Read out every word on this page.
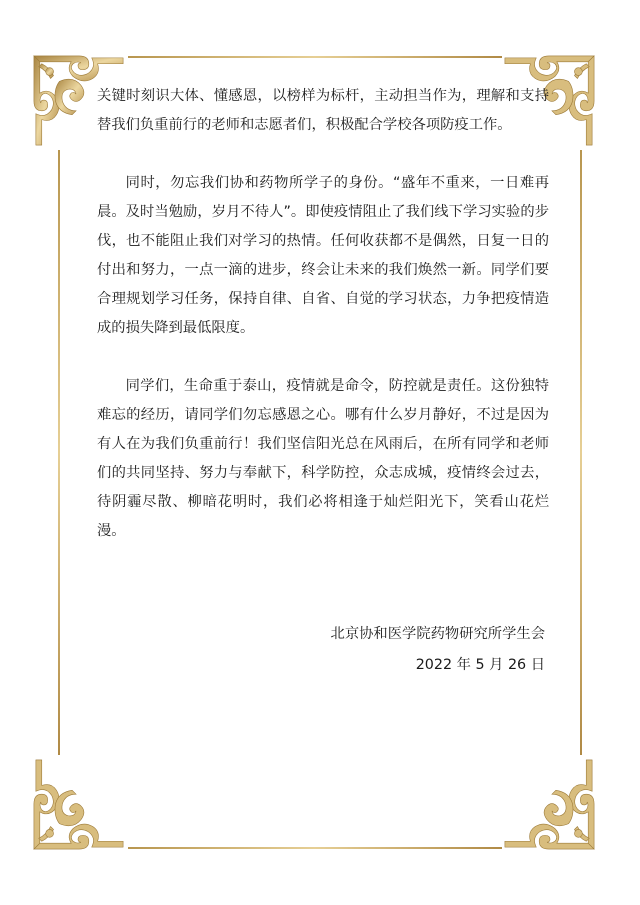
关键时刻识大体、懂感恩，以榜样为标杆，主动担当作为，理解和支持替我们负重前行的老师和志愿者们，积极配合学校各项防疫工作。

同时，勿忘我们协和药物所学子的身份。“盛年不重来，一日难再晨。及时当勉励，岁月不待人”。即使疫情阻止了我们线下学习实验的步伐，也不能阻止我们对学习的热情。任何收获都不是偶然，日复一日的付出和努力，一点一滴的进步，终会让未来的我们焕然一新。同学们要合理规划学习任务，保持自律、自省、自觉的学习状态，力争把疫情造成的损失降到最低限度。

同学们，生命重于泰山，疫情就是命令，防控就是责任。这份独特难忘的经历，请同学们勿忘感恩之心。哪有什么岁月静好，不过是因为有人在为我们负重前行！我们坚信阳光总在风雨后，在所有同学和老师们的共同坚持、努力与奉献下，科学防控，众志成城，疫情终会过去，待阴霾尽散、柳暗花明时，我们必将相逢于灿烂阳光下，笑看山花烂漫。

北京协和医学院药物研究所学生会
2022 年 5 月 26 日
